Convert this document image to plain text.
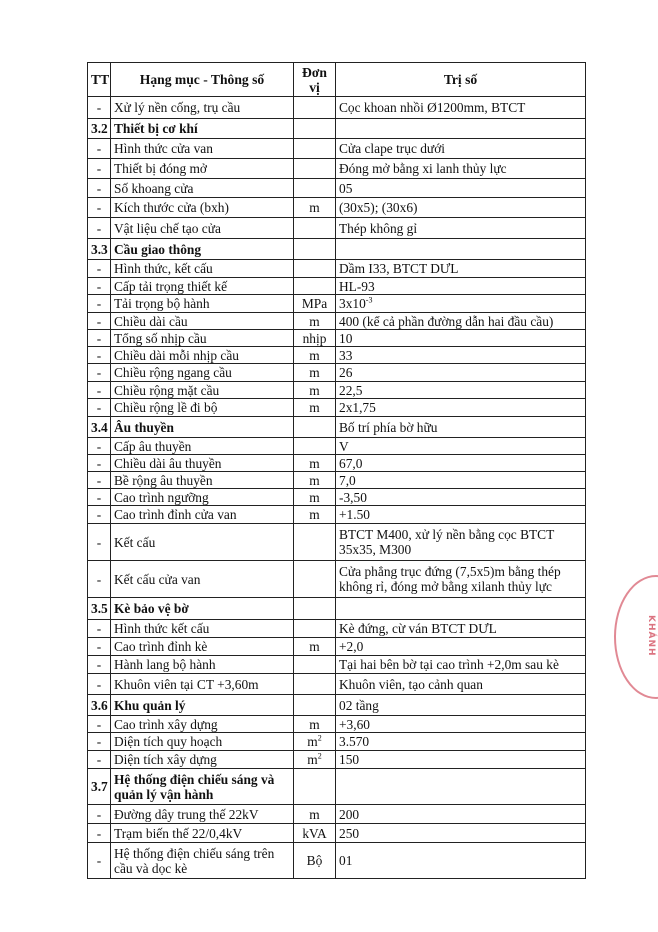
TT	Hạng mục - Thông số	Đơn vị	Trị số
-	Xử lý nền cống, trụ cầu		Cọc khoan nhồi Ø1200mm, BTCT
3.2	Thiết bị cơ khí		
-	Hình thức cửa van		Cửa clape trục dưới
-	Thiết bị đóng mở		Đóng mở bằng xi lanh thủy lực
-	Số khoang cửa		05
-	Kích thước cửa (bxh)	m	(30x5); (30x6)
-	Vật liệu chế tạo cửa		Thép không gỉ
3.3	Cầu giao thông		
-	Hình thức, kết cấu		Dầm I33, BTCT DƯL
-	Cấp tải trọng thiết kế		HL-93
-	Tải trọng bộ hành	MPa	$3x10^{-3}$
-	Chiều dài cầu	m	400 (kể cả phần đường dẫn hai đầu cầu)
-	Tổng số nhịp cầu	nhịp	10
-	Chiều dài mỗi nhịp cầu	m	33
-	Chiều rộng ngang cầu	m	26
-	Chiều rộng mặt cầu	m	22,5
-	Chiều rộng lề đi bộ	m	2x1,75
3.4	Âu thuyền		Bố trí phía bờ hữu
-	Cấp âu thuyền		V
-	Chiều dài âu thuyền	m	67,0
-	Bề rộng âu thuyền	m	7,0
-	Cao trình ngưỡng	m	-3,50
-	Cao trình đỉnh cửa van	m	+1.50
-	Kết cấu		BTCT M400, xử lý nền bằng cọc BTCT 35x35, M300
-	Kết cấu cửa van		Cửa phẳng trục đứng (7,5x5)m bằng thép không rỉ, đóng mở bằng xilanh thủy lực
3.5	Kè bảo vệ bờ		
-	Hình thức kết cấu		Kè đứng, cừ ván BTCT DƯL
-	Cao trình đỉnh kè	m	+2,0
-	Hành lang bộ hành		Tại hai bên bờ tại cao trình +2,0m sau kè
-	Khuôn viên tại CT +3,60m		Khuôn viên, tạo cảnh quan
3.6	Khu quản lý		02 tầng
-	Cao trình xây dựng	m	+3,60
-	Diện tích quy hoạch	$m^2$	3.570
-	Diện tích xây dựng	$m^2$	150
3.7	Hệ thống điện chiếu sáng và quản lý vận hành		
-	Đường dây trung thế 22kV	m	200
-	Trạm biến thế 22/0,4kV	kVA	250
-	Hệ thống điện chiếu sáng trên cầu và dọc kè	Bộ	01
KHÁNH
